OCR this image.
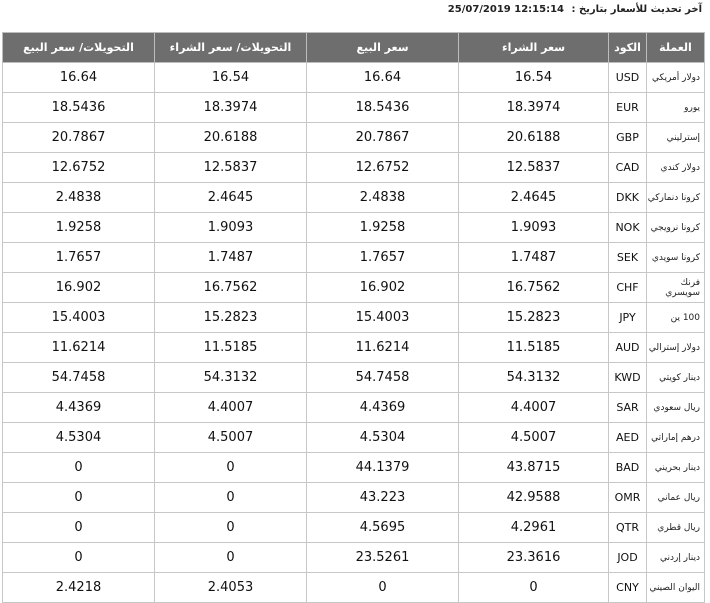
آخر تحديث للأسعار بتاريخ : 12:15:14 25/07/2019
العملة	الكود	سعر الشراء	سعر البيع	التحويلات/ سعر الشراء	التحويلات/ سعر البيع
دولار أمريكي	USD	16.54	16.64	16.54	16.64
يورو	EUR	18.3974	18.5436	18.3974	18.5436
إسترليني	GBP	20.6188	20.7867	20.6188	20.7867
دولار كندي	CAD	12.5837	12.6752	12.5837	12.6752
كرونا دنماركي	DKK	2.4645	2.4838	2.4645	2.4838
كرونا نرويجي	NOK	1.9093	1.9258	1.9093	1.9258
كرونا سويدي	SEK	1.7487	1.7657	1.7487	1.7657
فرنك سويسري	CHF	16.7562	16.902	16.7562	16.902
100 ين	JPY	15.2823	15.4003	15.2823	15.4003
دولار إسترالي	AUD	11.5185	11.6214	11.5185	11.6214
دينار كويتي	KWD	54.3132	54.7458	54.3132	54.7458
ريال سعودي	SAR	4.4007	4.4369	4.4007	4.4369
درهم إماراتي	AED	4.5007	4.5304	4.5007	4.5304
دينار بحريني	BAD	43.8715	44.1379	0	0
ريال عماني	OMR	42.9588	43.223	0	0
ريال قطري	QTR	4.2961	4.5695	0	0
دينار إردني	JOD	23.3616	23.5261	0	0
اليوان الصيني	CNY	0	0	2.4053	2.4218
